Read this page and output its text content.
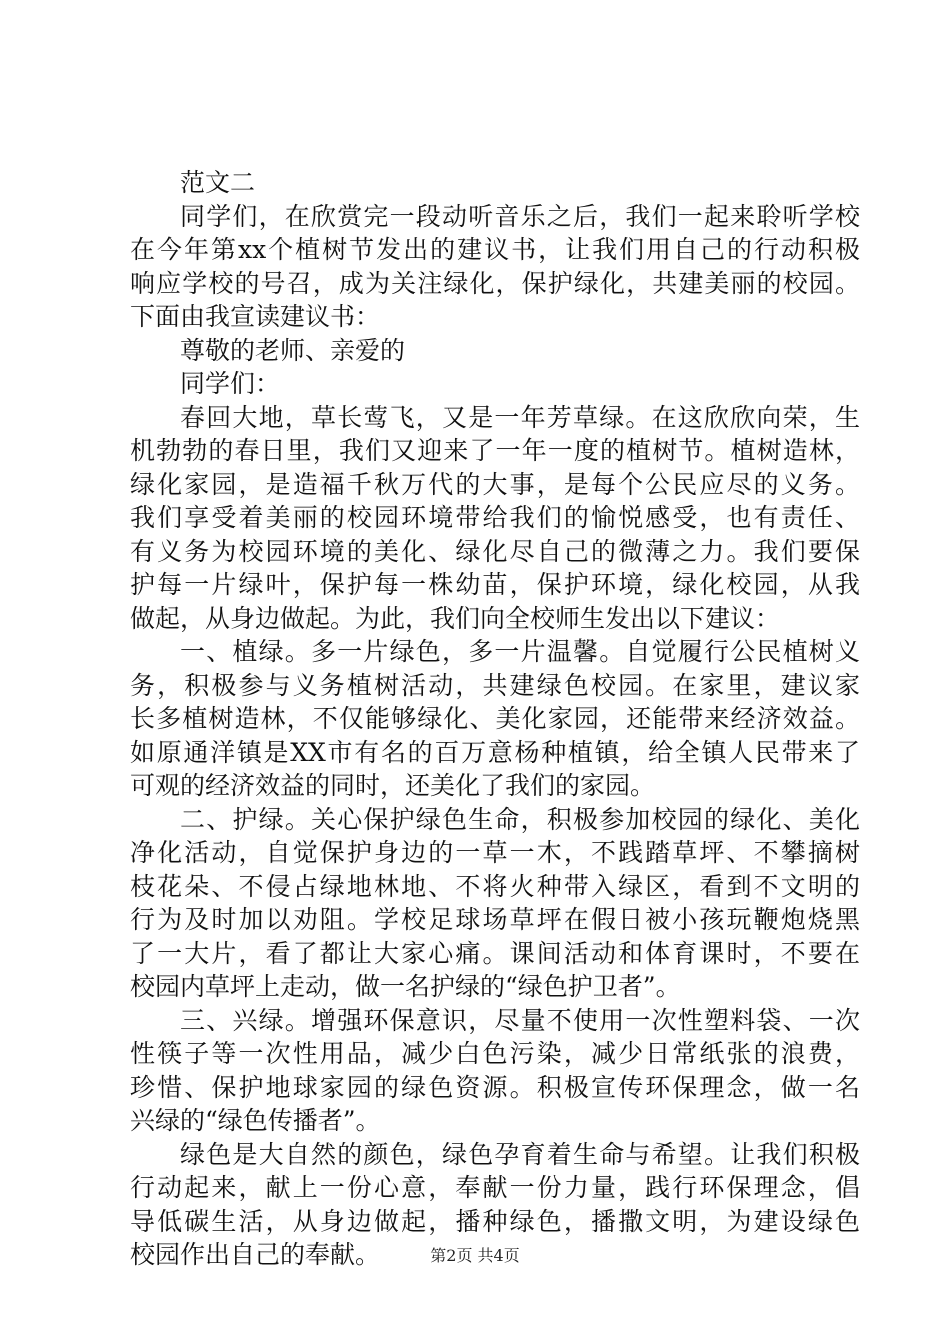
范文二
同学们，在欣赏完一段动听音乐之后，我们一起来聆听学校
在今年第xx个植树节发出的建议书，让我们用自己的行动积极
响应学校的号召，成为关注绿化，保护绿化，共建美丽的校园。
下面由我宣读建议书：
尊敬的老师、亲爱的
同学们：
春回大地，草长莺飞，又是一年芳草绿。在这欣欣向荣，生
机勃勃的春日里，我们又迎来了一年一度的植树节。植树造林，
绿化家园，是造福千秋万代的大事，是每个公民应尽的义务。
我们享受着美丽的校园环境带给我们的愉悦感受，也有责任、
有义务为校园环境的美化、绿化尽自己的微薄之力。我们要保
护每一片绿叶，保护每一株幼苗，保护环境，绿化校园，从我
做起，从身边做起。为此，我们向全校师生发出以下建议：
一、植绿。多一片绿色，多一片温馨。自觉履行公民植树义
务，积极参与义务植树活动，共建绿色校园。在家里，建议家
长多植树造林，不仅能够绿化、美化家园，还能带来经济效益。
如原通洋镇是XX市有名的百万意杨种植镇，给全镇人民带来了
可观的经济效益的同时，还美化了我们的家园。
二、护绿。关心保护绿色生命，积极参加校园的绿化、美化
净化活动，自觉保护身边的一草一木，不践踏草坪、不攀摘树
枝花朵、不侵占绿地林地、不将火种带入绿区，看到不文明的
行为及时加以劝阻。学校足球场草坪在假日被小孩玩鞭炮烧黑
了一大片，看了都让大家心痛。课间活动和体育课时，不要在
校园内草坪上走动，做一名护绿的“绿色护卫者”。
三、兴绿。增强环保意识，尽量不使用一次性塑料袋、一次
性筷子等一次性用品，减少白色污染，减少日常纸张的浪费，
珍惜、保护地球家园的绿色资源。积极宣传环保理念，做一名
兴绿的“绿色传播者”。
绿色是大自然的颜色，绿色孕育着生命与希望。让我们积极
行动起来，献上一份心意，奉献一份力量，践行环保理念，倡
导低碳生活，从身边做起，播种绿色，播撒文明，为建设绿色
校园作出自己的奉献。	第2页 共4页
